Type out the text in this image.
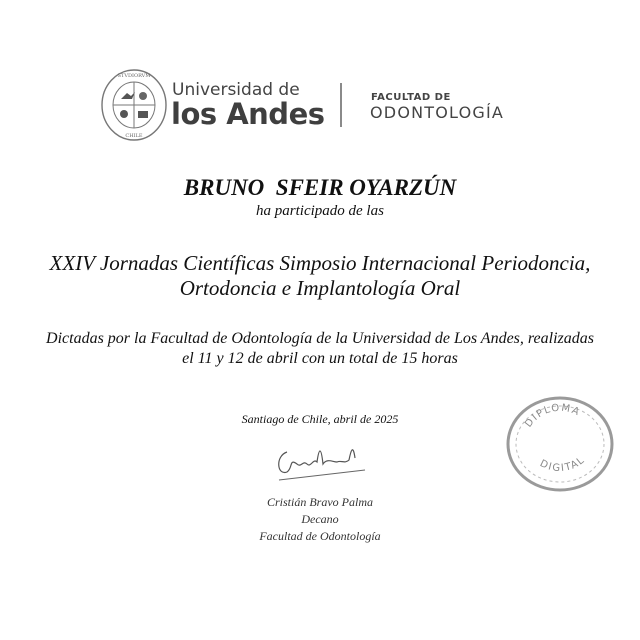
STVDIORVM
CHILE
Universidad de
los Andes	FACULTAD DE
ODONTOLOGÍA
BRUNO  SFEIR OYARZÚN
ha participado de las
XXIV Jornadas Científicas Simposio Internacional Periodoncia,
Ortodoncia e Implantología Oral
Dictadas por la Facultad de Odontología de la Universidad de Los Andes, realizadas
el 11 y 12 de abril con un total de 15 horas
Santiago de Chile, abril de 2025
Cristián Bravo Palma
Decano
Facultad de Odontología
DIPLOMA
DIGITAL
